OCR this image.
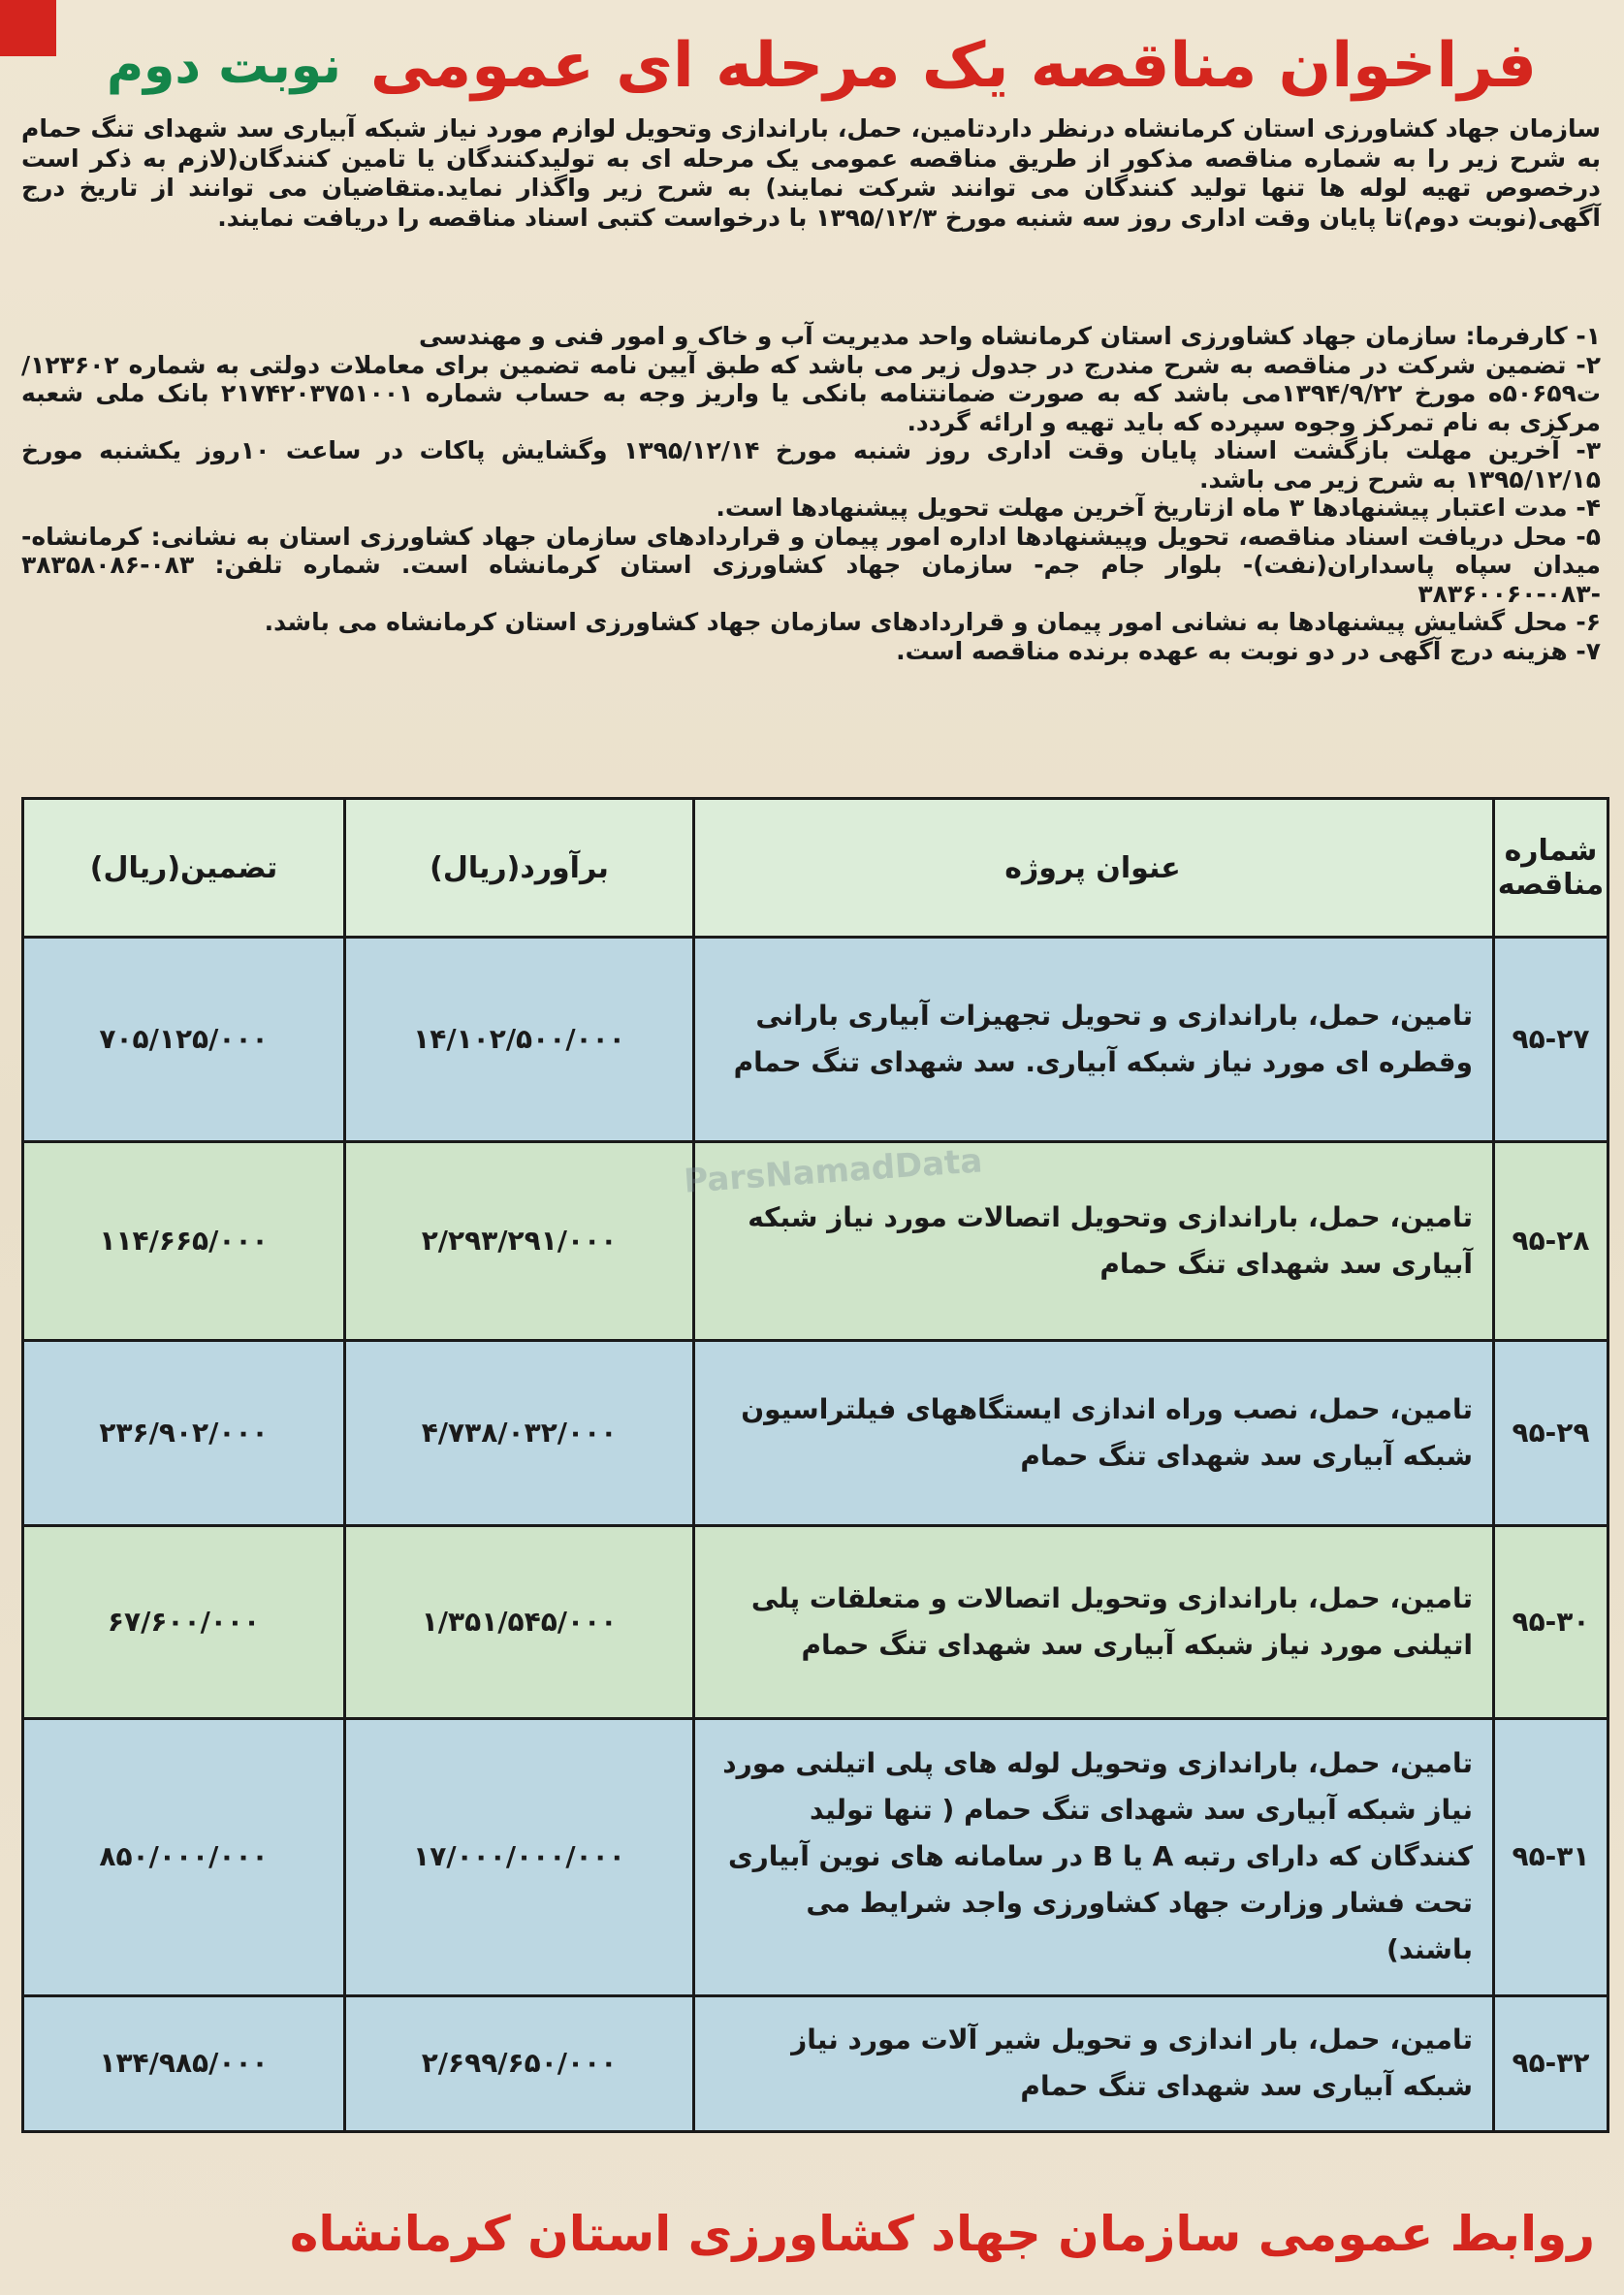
فراخوان مناقصه یک مرحله ای عمومی
نوبت دوم

سازمان جهاد کشاورزی استان کرمانشاه درنظر داردتامین، حمل، باراندازی وتحویل لوازم مورد نیاز شبکه آبیاری سد شهدای تنگ حمام به شرح زیر را به شماره مناقصه مذکور از طریق مناقصه عمومی یک مرحله ای به تولیدکنندگان یا تامین کنندگان(لازم به ذکر است درخصوص تهیه لوله ها تنها تولید کنندگان می توانند شرکت نمایند) به شرح زیر واگذار نماید.متقاضیان می توانند از تاریخ درج آگهی(نوبت دوم)تا پایان وقت اداری روز سه شنبه مورخ ۱۳۹۵/۱۲/۳ با درخواست کتبی اسناد مناقصه را دریافت نمایند.

۱- کارفرما: سازمان جهاد کشاورزی استان کرمانشاه واحد مدیریت آب و خاک و امور فنی و مهندسی

۲- تضمین شرکت در مناقصه به شرح مندرج در جدول زیر می باشد که طبق آیین نامه تضمین برای معاملات دولتی به شماره ۱۲۳۶۰۲/ت۵۰۶۵۹ه مورخ ۱۳۹۴/۹/۲۲می باشد که به صورت ضمانتنامه بانکی یا واریز وجه به حساب شماره ۲۱۷۴۲۰۳۷۵۱۰۰۱ بانک ملی شعبه مرکزی به نام تمرکز وجوه سپرده که باید تهیه و ارائه گردد.

۳- آخرین مهلت بازگشت اسناد پایان وقت اداری روز شنبه مورخ ۱۳۹۵/۱۲/۱۴ وگشایش پاکات در ساعت ۱۰روز یکشنبه مورخ ۱۳۹۵/۱۲/۱۵ به شرح زیر می باشد.

۴- مدت اعتبار پیشنهادها ۳ ماه ازتاریخ آخرین مهلت تحویل پیشنهادها است.

۵- محل دریافت اسناد مناقصه، تحویل وپیشنهادها اداره امور پیمان و قراردادهای سازمان جهاد کشاورزی استان به نشانی: کرمانشاه- میدان سپاه پاسداران(نفت)- بلوار جام جم- سازمان جهاد کشاورزی استان کرمانشاه است. شماره تلفن: ۰۸۳-۳۸۳۵۸۰۸۶ -۰۸۳-۳۸۳۶۰۰۶۰

۶- محل گشایش پیشنهادها به نشانی امور پیمان و قراردادهای سازمان جهاد کشاورزی استان کرمانشاه می باشد.

۷- هزینه درج آگهی در دو نوبت به عهده برنده مناقصه است.

شماره مناقصه	عنوان پروژه	برآورد(ریال)	تضمین(ریال)
۹۵-۲۷	تامین، حمل، باراندازی و تحویل تجهیزات آبیاری بارانی وقطره ای مورد نیاز شبکه آبیاری. سد شهدای تنگ حمام	۱۴/۱۰۲/۵۰۰/۰۰۰	۷۰۵/۱۲۵/۰۰۰
۹۵-۲۸	تامین، حمل، باراندازی وتحویل اتصالات مورد نیاز شبکه آبیاری سد شهدای تنگ حمام	۲/۲۹۳/۲۹۱/۰۰۰	۱۱۴/۶۶۵/۰۰۰
۹۵-۲۹	تامین، حمل، نصب وراه اندازی ایستگاههای فیلتراسیون شبکه آبیاری سد شهدای تنگ حمام	۴/۷۳۸/۰۳۲/۰۰۰	۲۳۶/۹۰۲/۰۰۰
۹۵-۳۰	تامین، حمل، باراندازی وتحویل اتصالات و متعلقات پلی اتیلنی مورد نیاز شبکه آبیاری سد شهدای تنگ حمام	۱/۳۵۱/۵۴۵/۰۰۰	۶۷/۶۰۰/۰۰۰
۹۵-۳۱	تامین، حمل، باراندازی وتحویل لوله های پلی اتیلنی مورد نیاز شبکه آبیاری سد شهدای تنگ حمام ( تنها تولید کنندگان که دارای رتبه A یا B در سامانه های نوین آبیاری تحت فشار وزارت جهاد کشاورزی واجد شرایط می باشند)	۱۷/۰۰۰/۰۰۰/۰۰۰	۸۵۰/۰۰۰/۰۰۰
۹۵-۳۲	تامین، حمل، بار اندازی و تحویل شیر آلات مورد نیاز شبکه آبیاری سد شهدای تنگ حمام	۲/۶۹۹/۶۵۰/۰۰۰	۱۳۴/۹۸۵/۰۰۰
ParsNamadData
روابط عمومی سازمان جهاد کشاورزی استان کرمانشاه
